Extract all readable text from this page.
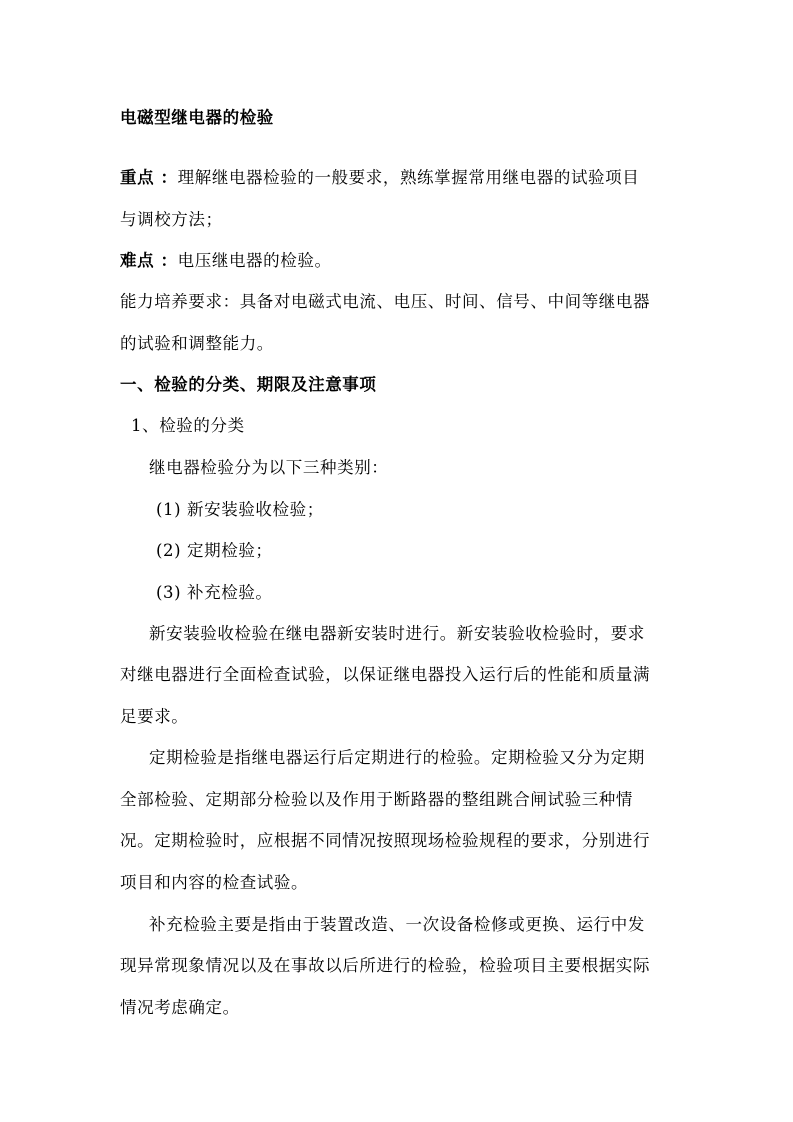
电磁型继电器的检验
重点 ：理解继电器检验的一般要求，熟练掌握常用继电器的试验项目
与调校方法；
难点 ：电压继电器的检验。
能力培养要求：具备对电磁式电流、电压、时间、信号、中间等继电器
的试验和调整能力。
一、检验的分类、期限及注意事项
1、检验的分类
继电器检验分为以下三种类别：
(1) 新安装验收检验；
(2) 定期检验；
(3) 补充检验。
新安装验收检验在继电器新安装时进行。新安装验收检验时，要求
对继电器进行全面检查试验，以保证继电器投入运行后的性能和质量满
足要求。
定期检验是指继电器运行后定期进行的检验。定期检验又分为定期
全部检验、定期部分检验以及作用于断路器的整组跳合闸试验三种情
况。定期检验时，应根据不同情况按照现场检验规程的要求，分别进行
项目和内容的检查试验。
补充检验主要是指由于装置改造、一次设备检修或更换、运行中发
现异常现象情况以及在事故以后所进行的检验，检验项目主要根据实际
情况考虑确定。
